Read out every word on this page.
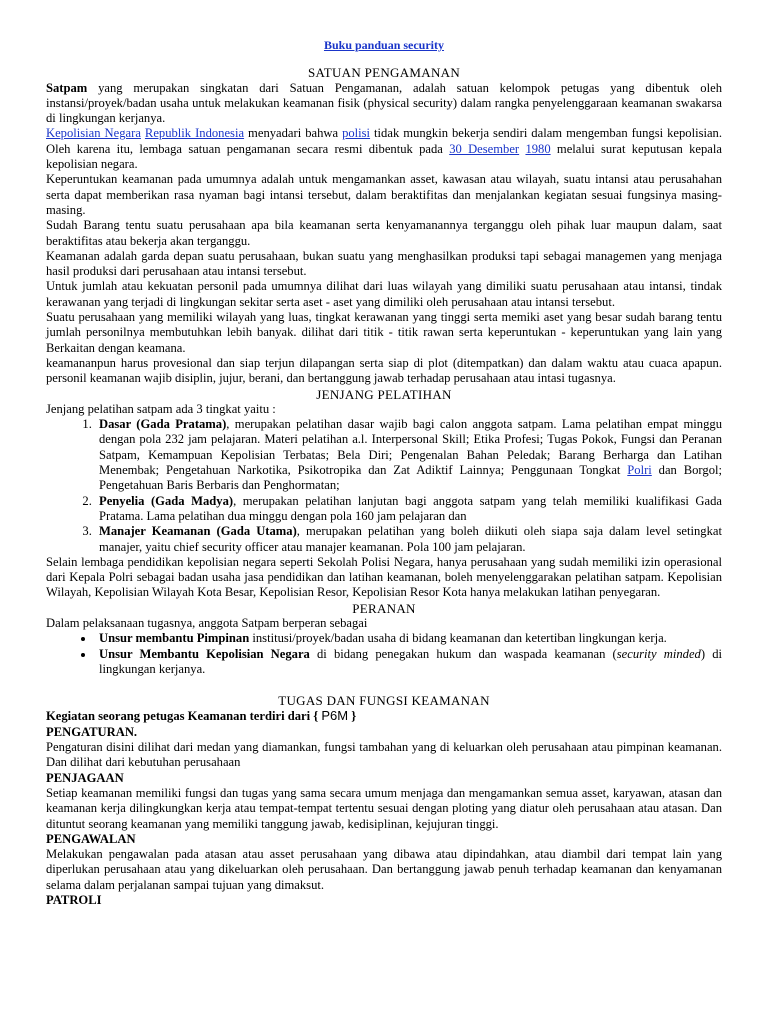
Buku panduan security

SATUAN PENGAMANAN

Satpam yang merupakan singkatan dari Satuan Pengamanan, adalah satuan kelompok petugas yang dibentuk oleh instansi/proyek/badan usaha untuk melakukan keamanan fisik (physical security) dalam rangka penyelenggaraan keamanan swakarsa di lingkungan kerjanya.

Kepolisian Negara Republik Indonesia menyadari bahwa polisi tidak mungkin bekerja sendiri dalam mengemban fungsi kepolisian. Oleh karena itu, lembaga satuan pengamanan secara resmi dibentuk pada 30 Desember 1980 melalui surat keputusan kepala kepolisian negara.

Keperuntukan keamanan pada umumnya adalah untuk mengamankan asset, kawasan atau wilayah, suatu intansi atau perusahahan serta dapat memberikan rasa nyaman bagi intansi tersebut, dalam beraktifitas dan menjalankan kegiatan sesuai fungsinya masing-masing.

Sudah Barang tentu suatu perusahaan apa bila keamanan serta kenyamanannya terganggu oleh pihak luar maupun dalam, saat beraktifitas atau bekerja akan terganggu.

Keamanan adalah garda depan suatu perusahaan, bukan suatu yang menghasilkan produksi tapi sebagai managemen yang menjaga hasil produksi dari perusahaan atau intansi tersebut.

Untuk jumlah atau kekuatan personil pada umumnya dilihat dari luas wilayah yang dimiliki suatu perusahaan atau intansi, tindak kerawanan yang terjadi di lingkungan sekitar serta aset - aset yang dimiliki oleh perusahaan atau intansi tersebut.

Suatu perusahaan yang memiliki wilayah yang luas, tingkat kerawanan yang tinggi serta memiki aset yang besar sudah barang tentu jumlah personilnya membutuhkan lebih banyak. dilihat dari titik - titik rawan serta keperuntukan - keperuntukan yang lain yang Berkaitan dengan keamana.

keamananpun harus provesional dan siap terjun dilapangan serta siap di plot (ditempatkan) dan dalam waktu atau cuaca apapun. personil keamanan wajib disiplin, jujur, berani, dan bertanggung jawab terhadap perusahaan atau intasi tugasnya.

JENJANG PELATIHAN

Jenjang pelatihan satpam ada 3 tingkat yaitu :

1. Dasar (Gada Pratama), merupakan pelatihan dasar wajib bagi calon anggota satpam. Lama pelatihan empat minggu dengan pola 232 jam pelajaran. Materi pelatihan a.l. Interpersonal Skill; Etika Profesi; Tugas Pokok, Fungsi dan Peranan Satpam, Kemampuan Kepolisian Terbatas; Bela Diri; Pengenalan Bahan Peledak; Barang Berharga dan Latihan Menembak; Pengetahuan Narkotika, Psikotropika dan Zat Adiktif Lainnya; Penggunaan Tongkat Polri dan Borgol; Pengetahuan Baris Berbaris dan Penghormatan;
2. Penyelia (Gada Madya), merupakan pelatihan lanjutan bagi anggota satpam yang telah memiliki kualifikasi Gada Pratama. Lama pelatihan dua minggu dengan pola 160 jam pelajaran dan
3. Manajer Keamanan (Gada Utama), merupakan pelatihan yang boleh diikuti oleh siapa saja dalam level setingkat manajer, yaitu chief security officer atau manajer keamanan. Pola 100 jam pelajaran.

Selain lembaga pendidikan kepolisian negara seperti Sekolah Polisi Negara, hanya perusahaan yang sudah memiliki izin operasional dari Kepala Polri sebagai badan usaha jasa pendidikan dan latihan keamanan, boleh menyelenggarakan pelatihan satpam. Kepolisian Wilayah, Kepolisian Wilayah Kota Besar, Kepolisian Resor, Kepolisian Resor Kota hanya melakukan latihan penyegaran.

PERANAN

Dalam pelaksanaan tugasnya, anggota Satpam berperan sebagai

• Unsur membantu Pimpinan institusi/proyek/badan usaha di bidang keamanan dan ketertiban lingkungan kerja.
• Unsur Membantu Kepolisian Negara di bidang penegakan hukum dan waspada keamanan (security minded) di lingkungan kerjanya.
TUGAS DAN FUNGSI KEAMANAN

Kegiatan seorang petugas Keamanan terdiri dari { P6M }

PENGATURAN.

Pengaturan disini dilihat dari medan yang diamankan, fungsi tambahan yang di keluarkan oleh perusahaan atau pimpinan keamanan. Dan dilihat dari kebutuhan perusahaan

PENJAGAAN

Setiap keamanan memiliki fungsi dan tugas yang sama secara umum menjaga dan mengamankan semua asset, karyawan, atasan dan keamanan kerja dilingkungkan kerja atau tempat-tempat tertentu sesuai dengan ploting yang diatur oleh perusahaan atau atasan. Dan dituntut seorang keamanan yang memiliki tanggung jawab, kedisiplinan, kejujuran tinggi.

PENGAWALAN

Melakukan pengawalan pada atasan atau asset perusahaan yang dibawa atau dipindahkan, atau diambil dari tempat lain yang diperlukan perusahaan atau yang dikeluarkan oleh perusahaan. Dan bertanggung jawab penuh terhadap keamanan dan kenyamanan selama dalam perjalanan sampai tujuan yang dimaksut.

PATROLI
